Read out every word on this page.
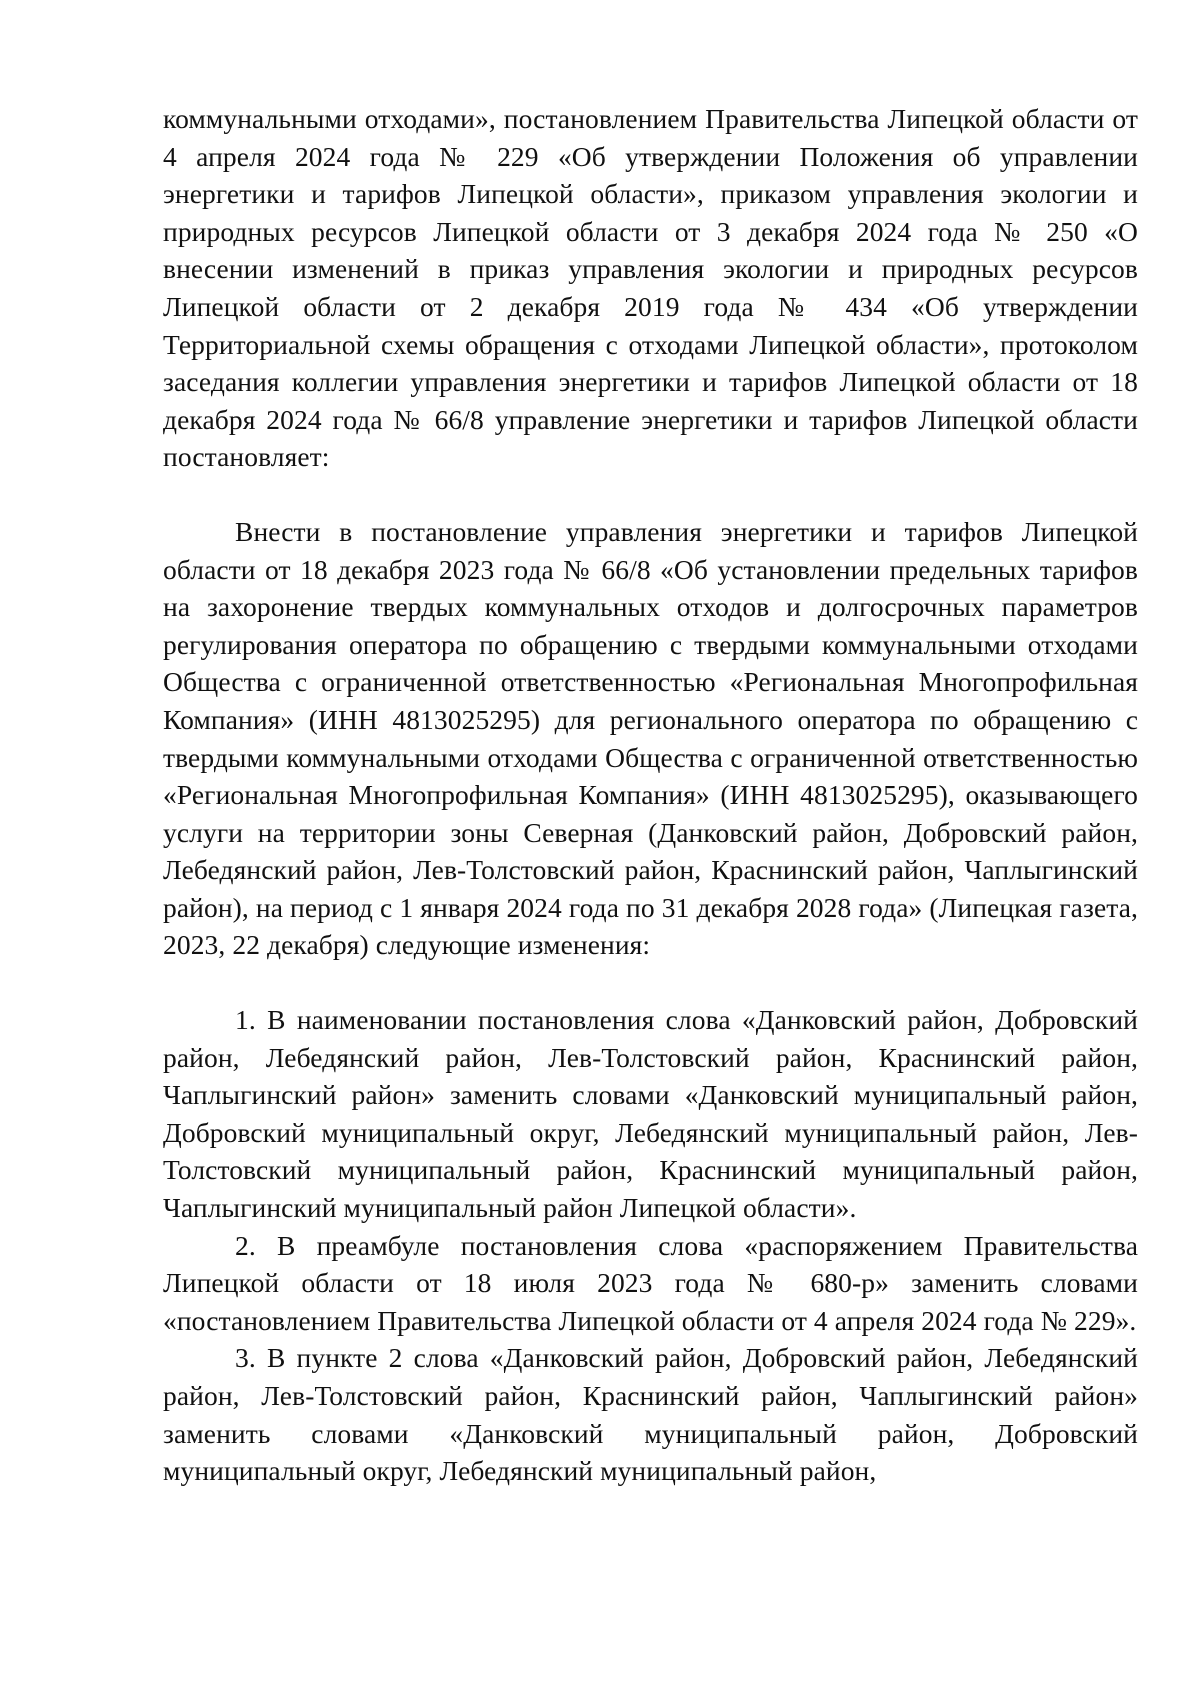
коммунальными отходами», постановлением Правительства Липецкой области от 4 апреля 2024 года № 229 «Об утверждении Положения об управлении энергетики и тарифов Липецкой области», приказом управления экологии и природных ресурсов Липецкой области от 3 декабря 2024 года № 250 «О внесении изменений в приказ управления экологии и природных ресурсов Липецкой области от 2 декабря 2019 года № 434 «Об утверждении Территориальной схемы обращения с отходами Липецкой области», протоколом заседания коллегии управления энергетики и тарифов Липецкой области от 18 декабря 2024 года № 66/8 управление энергетики и тарифов Липецкой области постановляет:

Внести в постановление управления энергетики и тарифов Липецкой области от 18 декабря 2023 года № 66/8 «Об установлении предельных тарифов на захоронение твердых коммунальных отходов и долгосрочных параметров регулирования оператора по обращению с твердыми коммунальными отходами Общества с ограниченной ответственностью «Региональная Многопрофильная Компания» (ИНН 4813025295) для регионального оператора по обращению с твердыми коммунальными отходами Общества с ограниченной ответственностью «Региональная Многопрофильная Компания» (ИНН 4813025295), оказывающего услуги на территории зоны Северная (Данковский район, Добровский район, Лебедянский район, Лев-Толстовский район, Краснинский район, Чаплыгинский район), на период с 1 января 2024 года по 31 декабря 2028 года» (Липецкая газета, 2023, 22 декабря) следующие изменения:

1. В наименовании постановления слова «Данковский район, Добровский район, Лебедянский район, Лев-Толстовский район, Краснинский район, Чаплыгинский район» заменить словами «Данковский муниципальный район, Добровский муниципальный округ, Лебедянский муниципальный район, Лев-Толстовский муниципальный район, Краснинский муниципальный район, Чаплыгинский муниципальный район Липецкой области».

2. В преамбуле постановления слова «распоряжением Правительства Липецкой области от 18 июля 2023 года № 680-р» заменить словами «постановлением Правительства Липецкой области от 4 апреля 2024 года № 229».

3. В пункте 2 слова «Данковский район, Добровский район, Лебедянский район, Лев-Толстовский район, Краснинский район, Чаплыгинский район» заменить словами «Данковский муниципальный район, Добровский муниципальный округ, Лебедянский муниципальный район,
